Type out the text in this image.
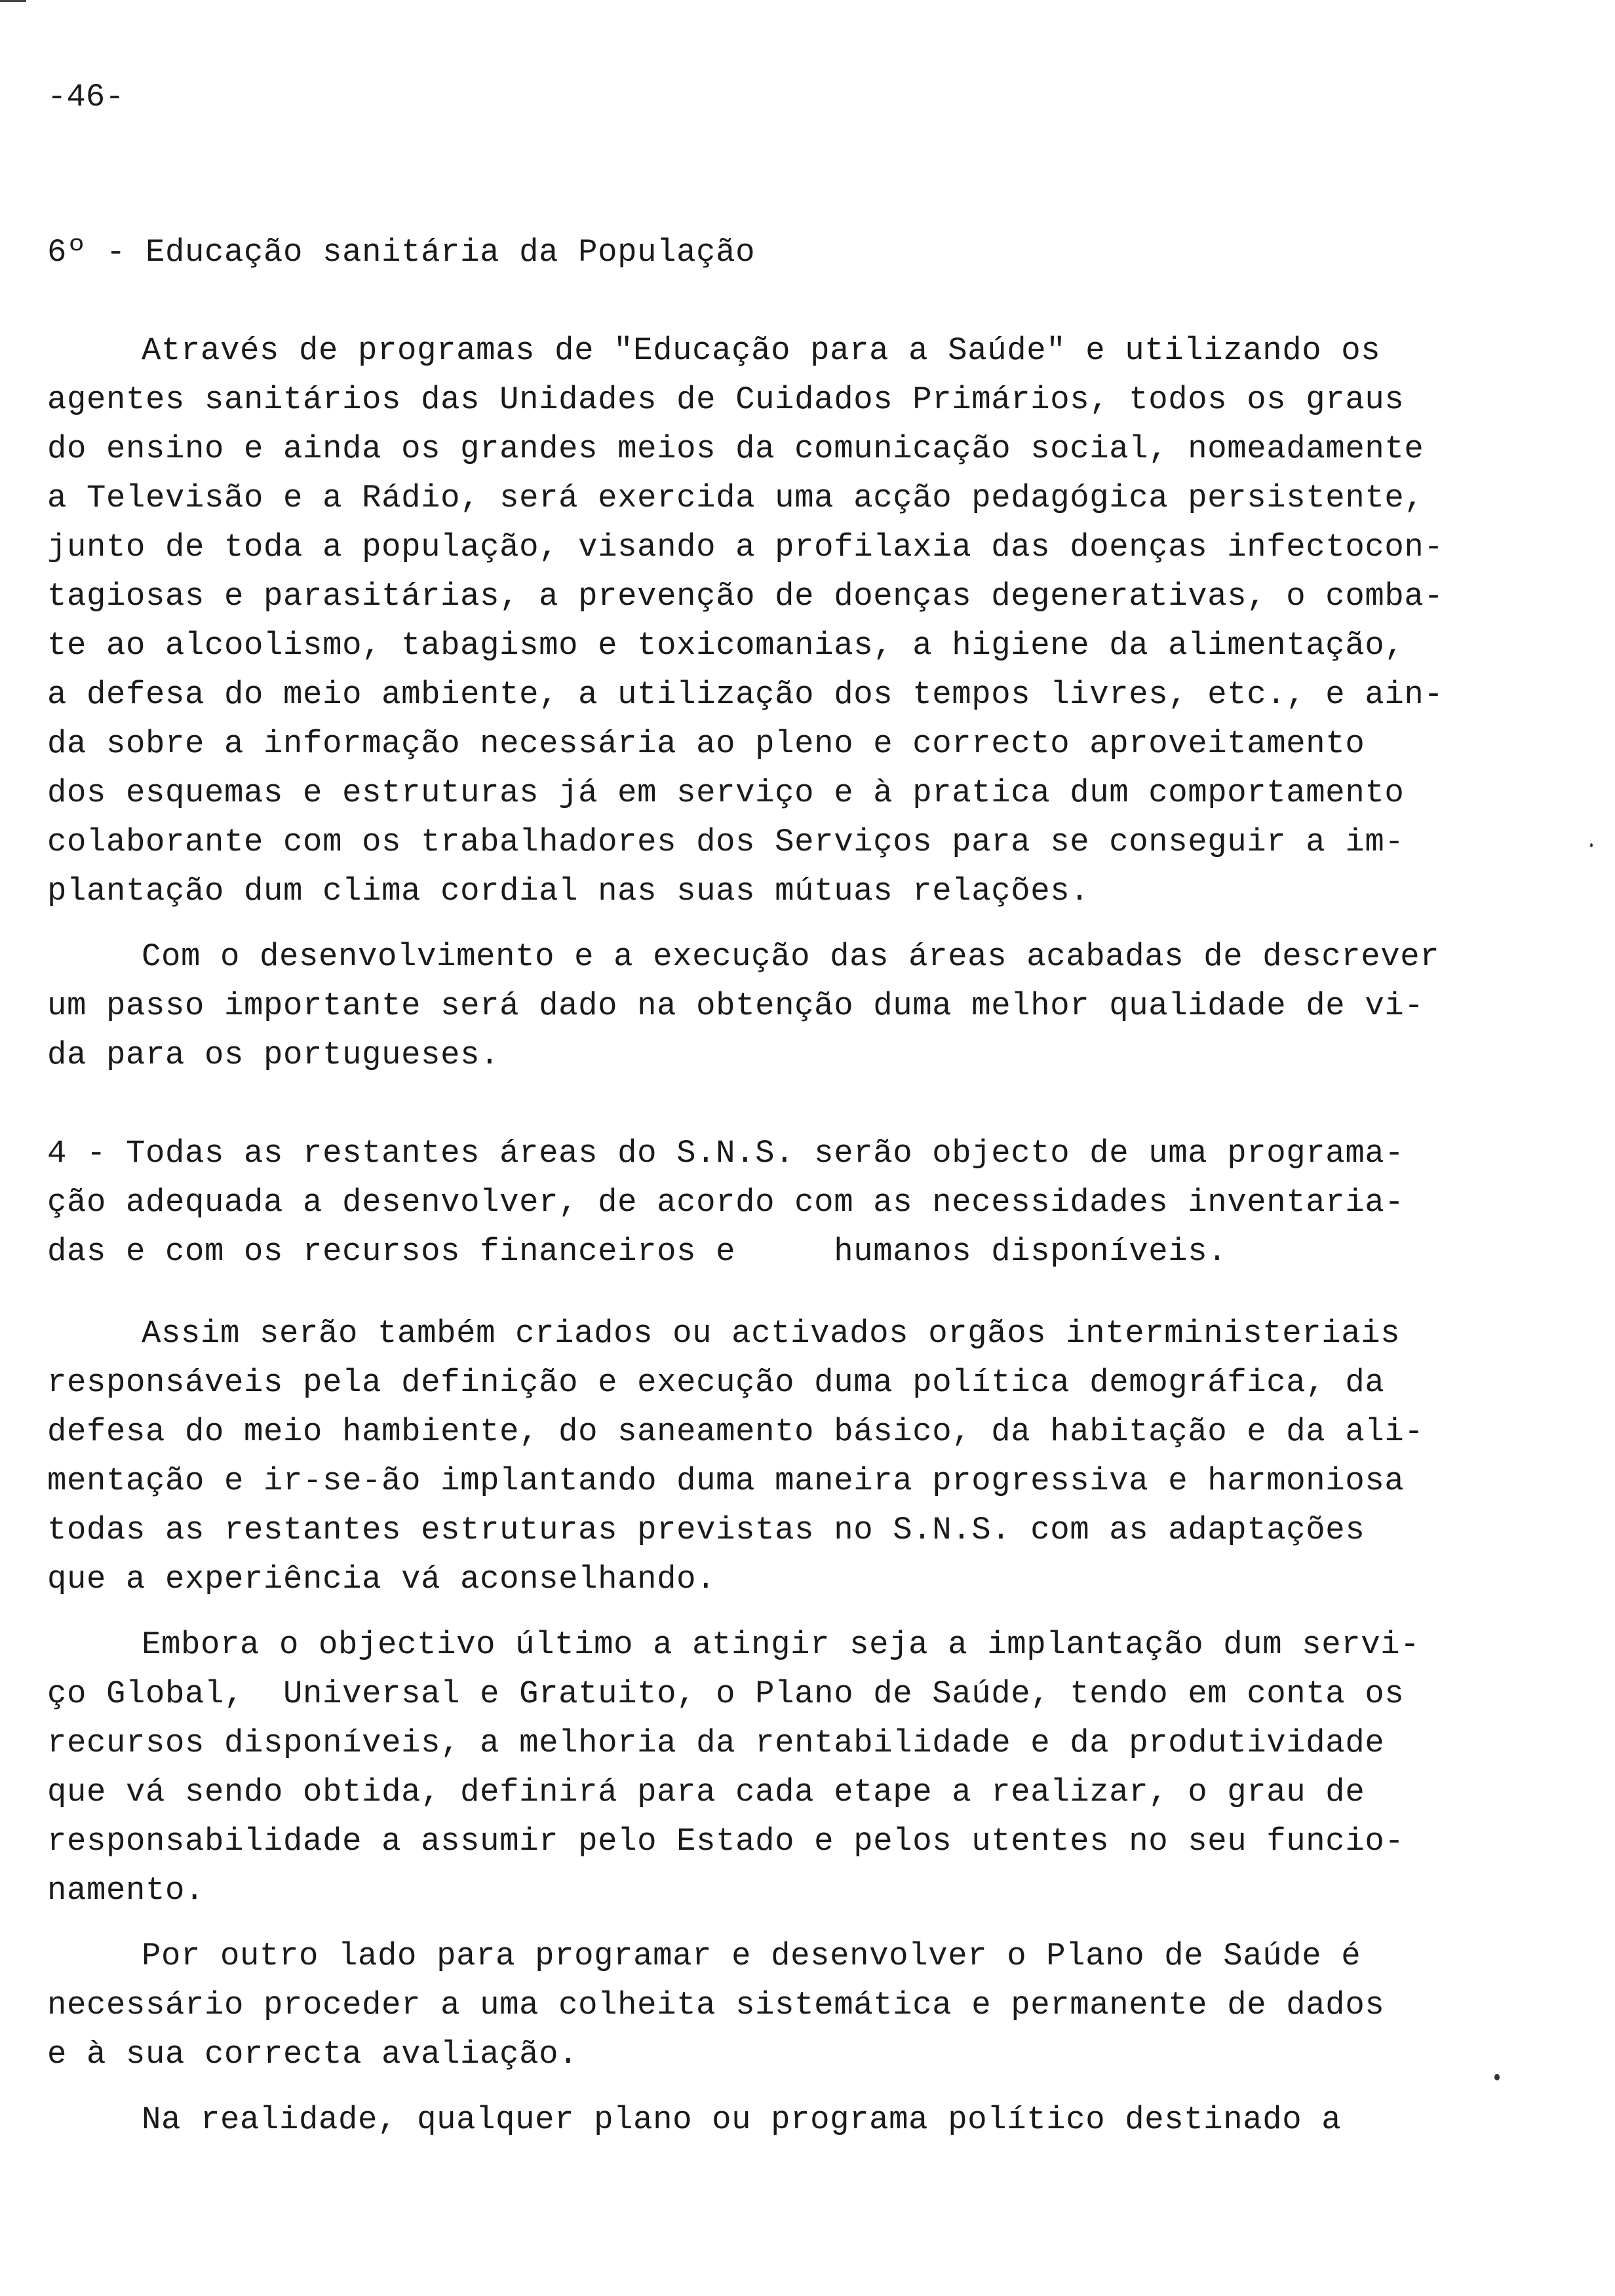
-46-
6º - Educação sanitária da População
Através de programas de "Educação para a Saúde" e utilizando os
agentes sanitários das Unidades de Cuidados Primários, todos os graus
do ensino e ainda os grandes meios da comunicação social, nomeadamente
a Televisão e a Rádio, será exercida uma acção pedagógica persistente,
junto de toda a população, visando a profilaxia das doenças infectocon-
tagiosas e parasitárias, a prevenção de doenças degenerativas, o comba-
te ao alcoolismo, tabagismo e toxicomanias, a higiene da alimentação,
a defesa do meio ambiente, a utilização dos tempos livres, etc., e ain-
da sobre a informação necessária ao pleno e correcto aproveitamento
dos esquemas e estruturas já em serviço e à pratica dum comportamento
colaborante com os trabalhadores dos Serviços para se conseguir a im-
plantação dum clima cordial nas suas mútuas relações.
Com o desenvolvimento e a execução das áreas acabadas de descrever
um passo importante será dado na obtenção duma melhor qualidade de vi-
da para os portugueses.
4 - Todas as restantes áreas do S.N.S. serão objecto de uma programa-
ção adequada a desenvolver, de acordo com as necessidades inventaria-
das e com os recursos financeiros e     humanos disponíveis.
Assim serão também criados ou activados orgãos interministeriais
responsáveis pela definição e execução duma política demográfica, da
defesa do meio hambiente, do saneamento básico, da habitação e da ali-
mentação e ir-se-ão implantando duma maneira progressiva e harmoniosa
todas as restantes estruturas previstas no S.N.S. com as adaptações
que a experiência vá aconselhando.
Embora o objectivo último a atingir seja a implantação dum servi-
ço Global,  Universal e Gratuito, o Plano de Saúde, tendo em conta os
recursos disponíveis, a melhoria da rentabilidade e da produtividade
que vá sendo obtida, definirá para cada etape a realizar, o grau de
responsabilidade a assumir pelo Estado e pelos utentes no seu funcio-
namento.
Por outro lado para programar e desenvolver o Plano de Saúde é
necessário proceder a uma colheita sistemática e permanente de dados
e à sua correcta avaliação.
Na realidade, qualquer plano ou programa político destinado a
